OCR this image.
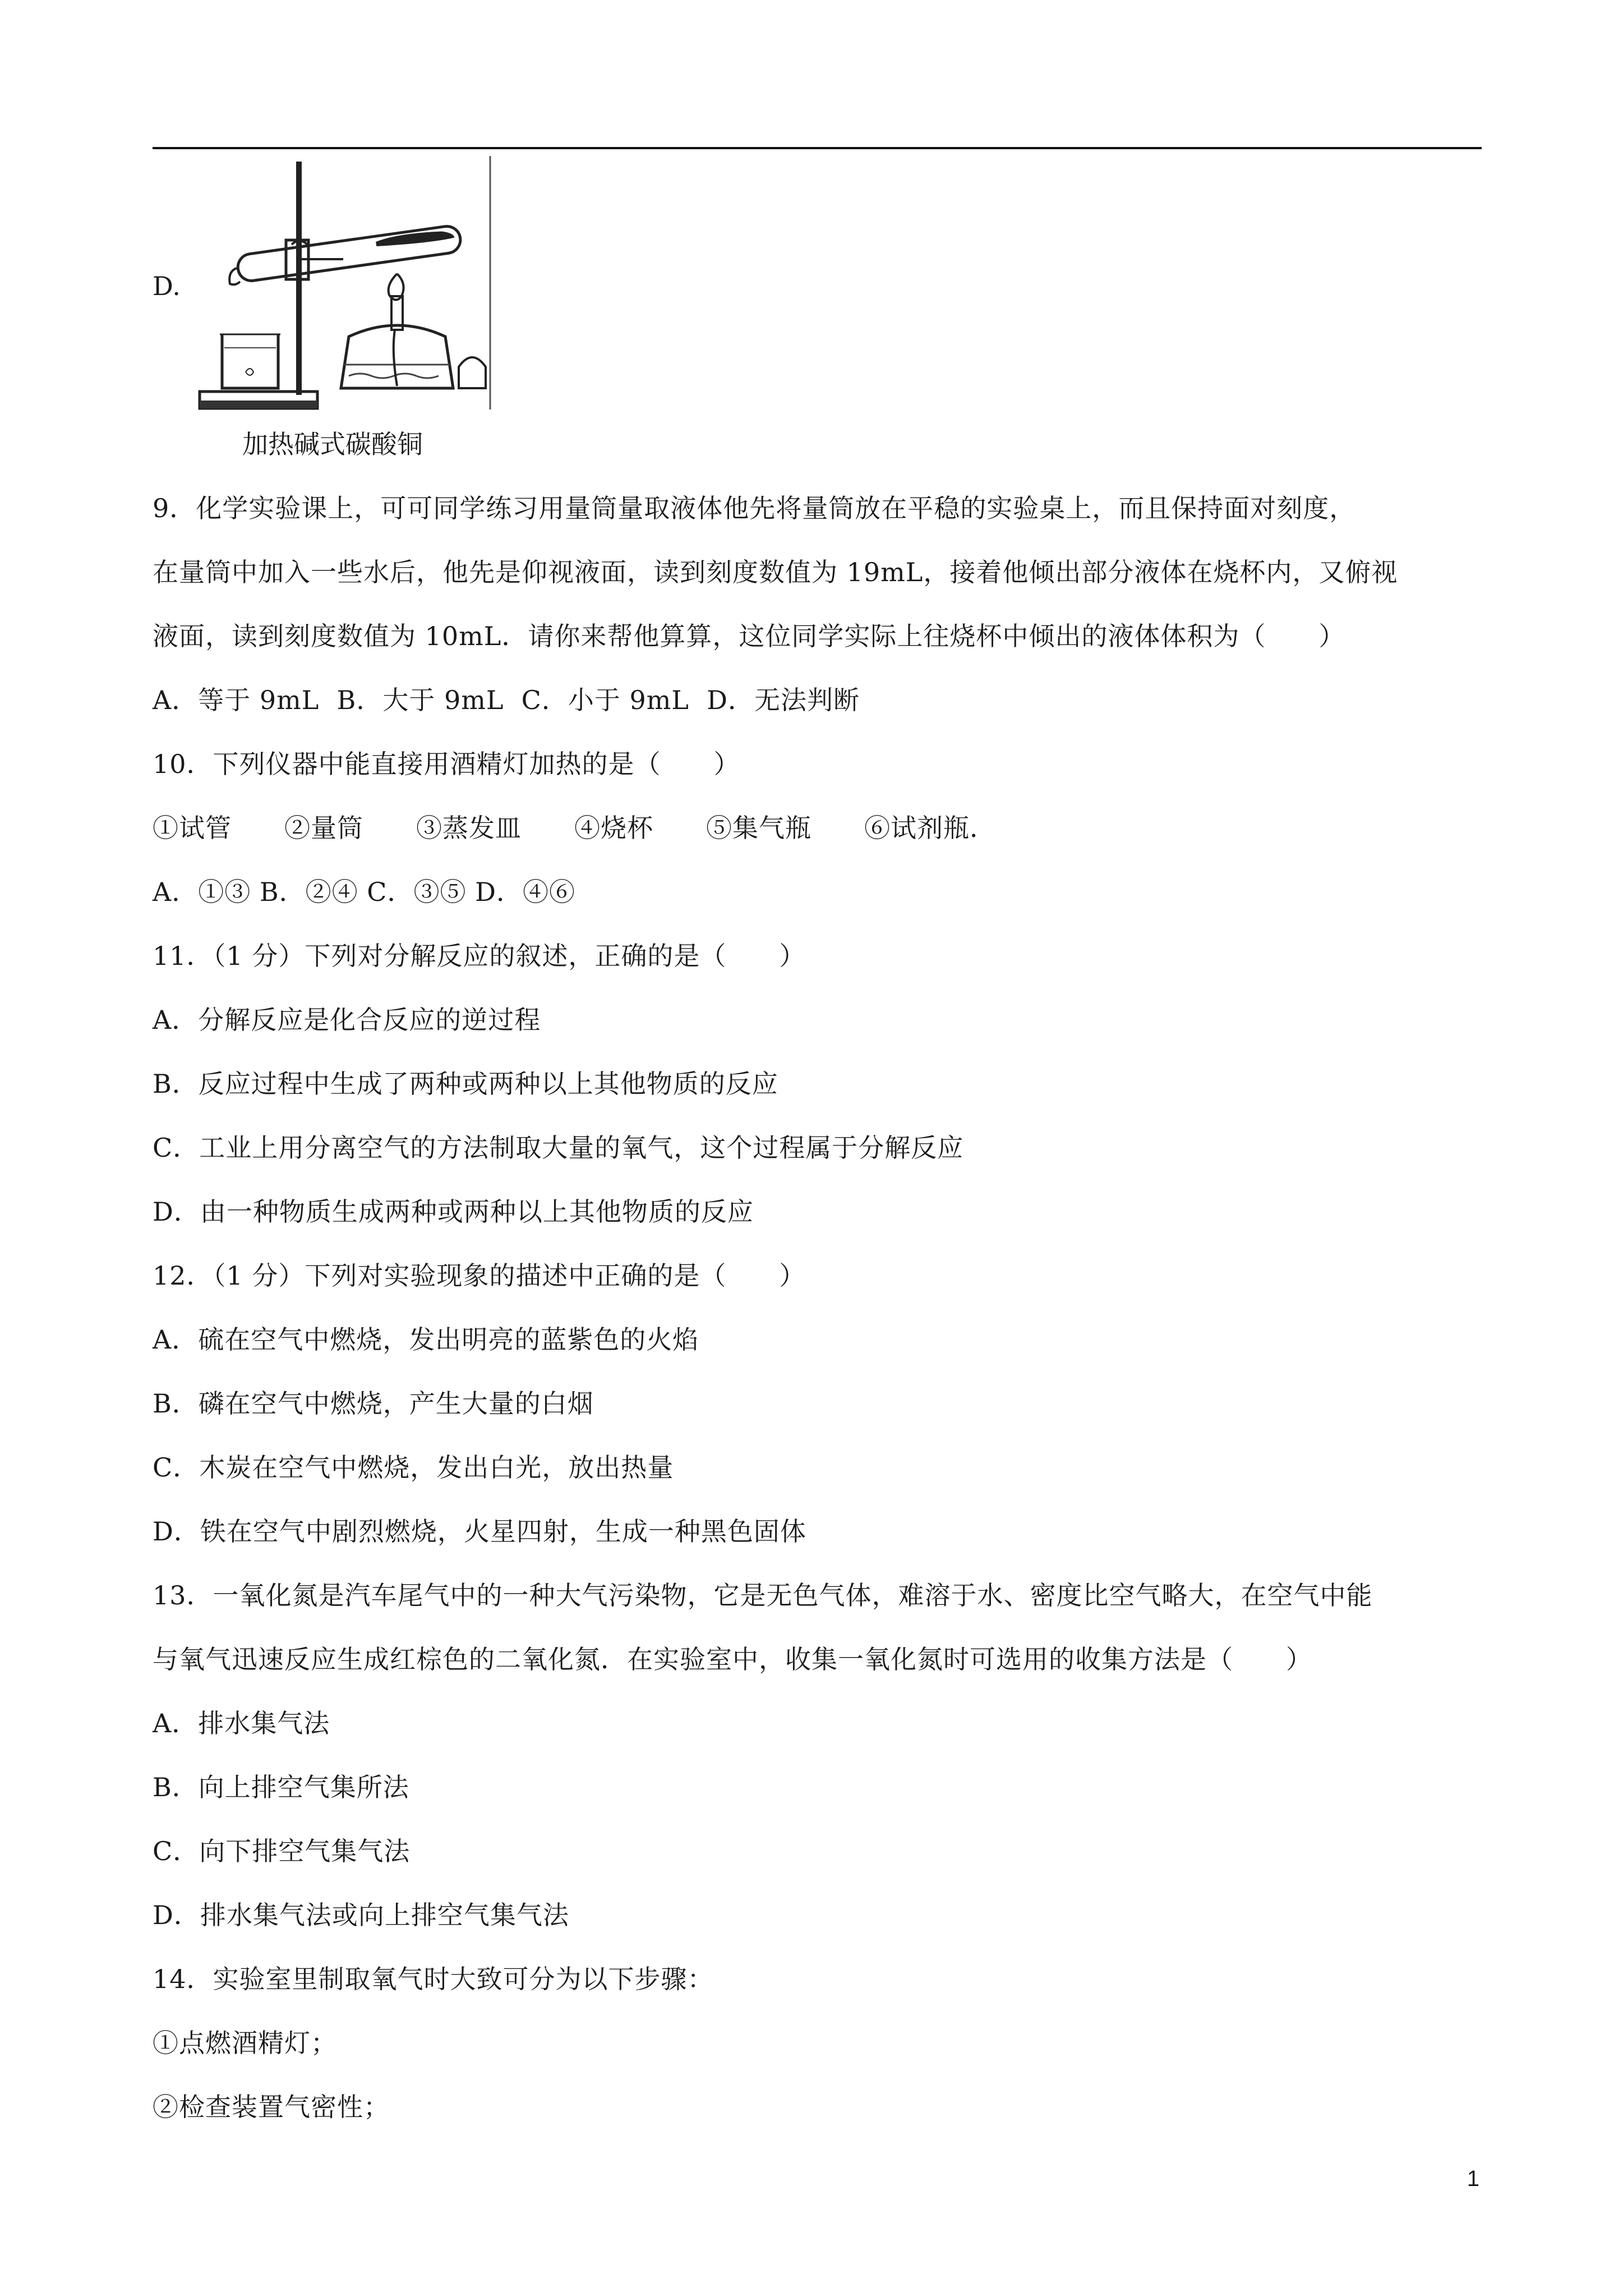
D.
加热碱式碳酸铜
9．化学实验课上，可可同学练习用量筒量取液体他先将量筒放在平稳的实验桌上，而且保持面对刻度，
在量筒中加入一些水后，他先是仰视液面，读到刻度数值为 19mL，接着他倾出部分液体在烧杯内，又俯视
液面，读到刻度数值为 10mL．请你来帮他算算，这位同学实际上往烧杯中倾出的液体体积为（　　）
A．等于 9mL  B．大于 9mL  C．小于 9mL  D．无法判断
10．下列仪器中能直接用酒精灯加热的是（　　）
①试管　　②量筒　　③蒸发皿　　④烧杯　　⑤集气瓶　　⑥试剂瓶．
A．①③ B．②④ C．③⑤ D．④⑥
11．（1 分）下列对分解反应的叙述，正确的是（　　）
A．分解反应是化合反应的逆过程
B．反应过程中生成了两种或两种以上其他物质的反应
C．工业上用分离空气的方法制取大量的氧气，这个过程属于分解反应
D．由一种物质生成两种或两种以上其他物质的反应
12．（1 分）下列对实验现象的描述中正确的是（　　）
A．硫在空气中燃烧，发出明亮的蓝紫色的火焰
B．磷在空气中燃烧，产生大量的白烟
C．木炭在空气中燃烧，发出白光，放出热量
D．铁在空气中剧烈燃烧，火星四射，生成一种黑色固体
13．一氧化氮是汽车尾气中的一种大气污染物，它是无色气体，难溶于水、密度比空气略大，在空气中能
与氧气迅速反应生成红棕色的二氧化氮．在实验室中，收集一氧化氮时可选用的收集方法是（　　）
A．排水集气法
B．向上排空气集所法
C．向下排空气集气法
D．排水集气法或向上排空气集气法
14．实验室里制取氧气时大致可分为以下步骤：
①点燃酒精灯；
②检查装置气密性；
1
